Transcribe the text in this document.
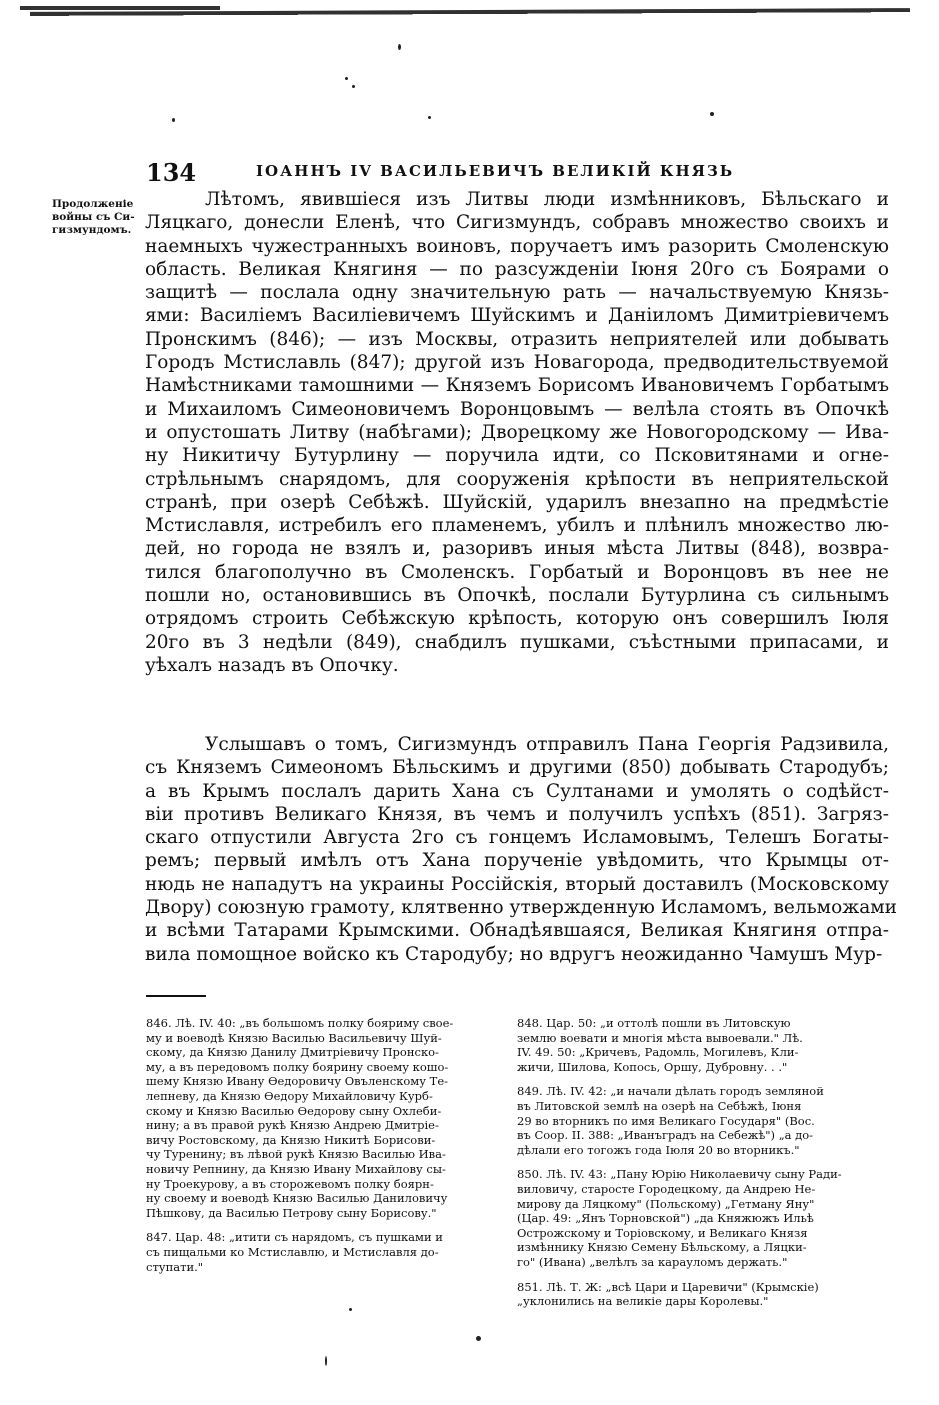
134	ІОАННЪ IV ВАСИЛЬЕВИЧЪ ВЕЛИКІЙ КНЯЗЬ
Продолженіе
войны съ Си-
гизмундомъ.
Лѣтомъ, явившіеся изъ Литвы люди измѣнниковъ, Бѣльскаго и
Ляцкаго, донесли Еленѣ, что Сигизмундъ, собравъ множество своихъ и
наемныхъ чужестранныхъ воиновъ, поручаетъ имъ разорить Смоленскую
область. Великая Княгиня — по разсужденіи Іюня 20го съ Боярами о
защитѣ — послала одну значительную рать — начальствуемую Князь-
ями: Василіемъ Василіевичемъ Шуйскимъ и Даніиломъ Димитріевичемъ
Пронскимъ (846); — изъ Москвы, отразить неприятелей или добывать
Городъ Мстиславль (847); другой изъ Новагорода, предводительствуемой
Намѣстниками тамошними — Княземъ Борисомъ Ивановичемъ Горбатымъ
и Михаиломъ Симеоновичемъ Воронцовымъ — велѣла стоять въ Опочкѣ
и опустошать Литву (набѣгами); Дворецкому же Новогородскому — Ива-
ну Никитичу Бутурлину — поручила идти, со Псковитянами и огне-
стрѣльнымъ снарядомъ, для сооруженія крѣпости въ неприятельской
странѣ, при озерѣ Себѣжѣ. Шуйскій, ударилъ внезапно на предмѣстіе
Мстиславля, истребилъ его пламенемъ, убилъ и плѣнилъ множество лю-
дей, но города не взялъ и, разоривъ иныя мѣста Литвы (848), возвра-
тился благополучно въ Смоленскъ. Горбатый и Воронцовъ въ нее не
пошли но, остановившись въ Опочкѣ, послали Бутурлина съ сильнымъ
отрядомъ строить Себѣжскую крѣпость, которую онъ совершилъ Іюля
20го въ 3 недѣли (849), снабдилъ пушками, съѣстными припасами, и
уѣхалъ назадъ въ Опочку.
Услышавъ о томъ, Сигизмундъ отправилъ Пана Георгія Радзивила,
съ Княземъ Симеономъ Бѣльскимъ и другими (850) добывать Стародубъ;
а въ Крымъ послалъ дарить Хана съ Султанами и умолять о содѣйст-
віи противъ Великаго Князя, въ чемъ и получилъ успѣхъ (851). Загряз-
скаго отпустили Августа 2го съ гонцемъ Исламовымъ, Телешъ Богаты-
ремъ; первый имѣлъ отъ Хана порученіе увѣдомить, что Крымцы от-
нюдь не нападутъ на украины Россійскія, вторый доставилъ (Московскому
Двору) союзную грамоту, клятвенно утвержденную Исламомъ, вельможами
и всѣми Татарами Крымскими. Обнадѣявшаяся, Великая Княгиня отпра-
вила помощное войско къ Стародубу; но вдругъ неожиданно Чамушъ Мур-
846. Лѣ. IV. 40: „въ большомъ полку бояриму свое-
му и воеводѣ Князю Василью Васильевичу Шуй-
скому, да Князю Данилу Дмитріевичу Пронско-
му, а въ передовомъ полку боярину своему кошо-
шему Князю Ивану Ѳедоровичу Овъленскому Те-
лепневу, да Князю Ѳедору Михайловичу Курб-
скому и Князю Василью Ѳедорову сыну Охлеби-
нину; а въ правой рукѣ Князю Андрею Дмитріе-
вичу Ростовскому, да Князю Никитѣ Борисови-
чу Туренину; въ лѣвой рукѣ Князю Василью Ива-
новичу Репнину, да Князю Ивану Михайлову сы-
ну Троекурову, а въ сторожевомъ полку боярн-
ну своему и воеводѣ Князю Василью Даниловичу
Пѣшкову, да Василью Петрову сыну Борисову."
847. Цар. 48: „итити съ нарядомъ, съ пушками и
съ пищальми ко Мстиславлю, и Мстиславля до-
ступати."
848. Цар. 50: „и оттолѣ пошли въ Литовскую
землю воевати и многія мѣста вывоевали." Лѣ.
IV. 49. 50: „Кричевъ, Радомль, Могилевъ, Кли-
жичи, Шилова, Копось, Оршу, Дубровну. . ."
849. Лѣ. IV. 42: „и начали дѣлать городъ земляной
въ Литовской землѣ на озерѣ на Себѣжѣ, Іюня
29 во вторникъ по имя Великаго Государя" (Вос.
въ Соор. II. 388: „Иванъградъ на Себежѣ") „а до-
дѣлали его тогожъ года Іюля 20 во вторникъ."
850. Лѣ. IV. 43: „Пану Юрію Николаевичу сыну Ради-
виловичу, старосте Городецкому, да Андрею Не-
мирову да Ляцкому" (Польскому) „Гетману Яну"
(Цар. 49: „Янъ Торновской") „да Княжюжъ Ильѣ
Острожскому и Торіовскому, и Великаго Князя
измѣннику Князю Семену Бѣльскому, а Ляцки-
го" (Ивана) „велѣлъ за карауломъ держать."
851. Лѣ. Т. Ж: „всѣ Цари и Царевичи" (Крымскіе)
„уклонились на великіе дары Королевы."
